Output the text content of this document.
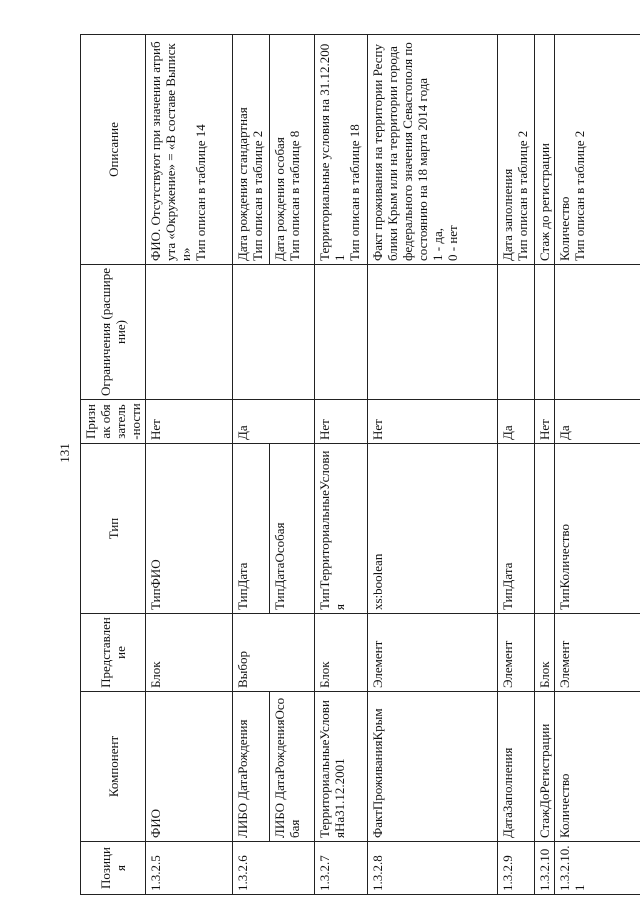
131
Позиция	Компонент	Представление	Тип	Признак обязатель-ности	Ограничения (расширение)	Описание
1.3.2.5	ФИО	Блок	ТипФИО	Нет		ФИО. Отсутствуют при значении атрибута «Окружение» = «В составе Выписки» Тип описан в таблице 14

1.3.2.6	ЛИБО ДатаРождения	Выбор	ТипДата	Да		Дата рождения стандартная Тип описан в таблице 2

	ЛИБО ДатаРожденияОсобая		ТипДатаОсобая			Дата рождения особая Тип описан в таблице 8

1.3.2.7	ТерриториальныеУсловияНа31.12.2001	Блок	ТипТерриториальныеУсловия	Нет		Территориальные условия на 31.12.2001 Тип описан в таблице 18

1.3.2.8	ФактПроживанияКрым	Элемент	xs:boolean	Нет		Факт проживания на территории Республики Крым или на территории города федерального значения Севастополя по состоянию на 18 марта 2014 года 1 - да, 0 - нет

1.3.2.9	ДатаЗаполнения	Элемент	ТипДата	Да		Дата заполнения Тип описан в таблице 2

1.3.2.10	СтажДоРегистрации	Блок		Нет		Стаж до регистрации

1.3.2.10.1	Количество	Элемент	ТипКоличество	Да		Количество Тип описан в таблице 2
